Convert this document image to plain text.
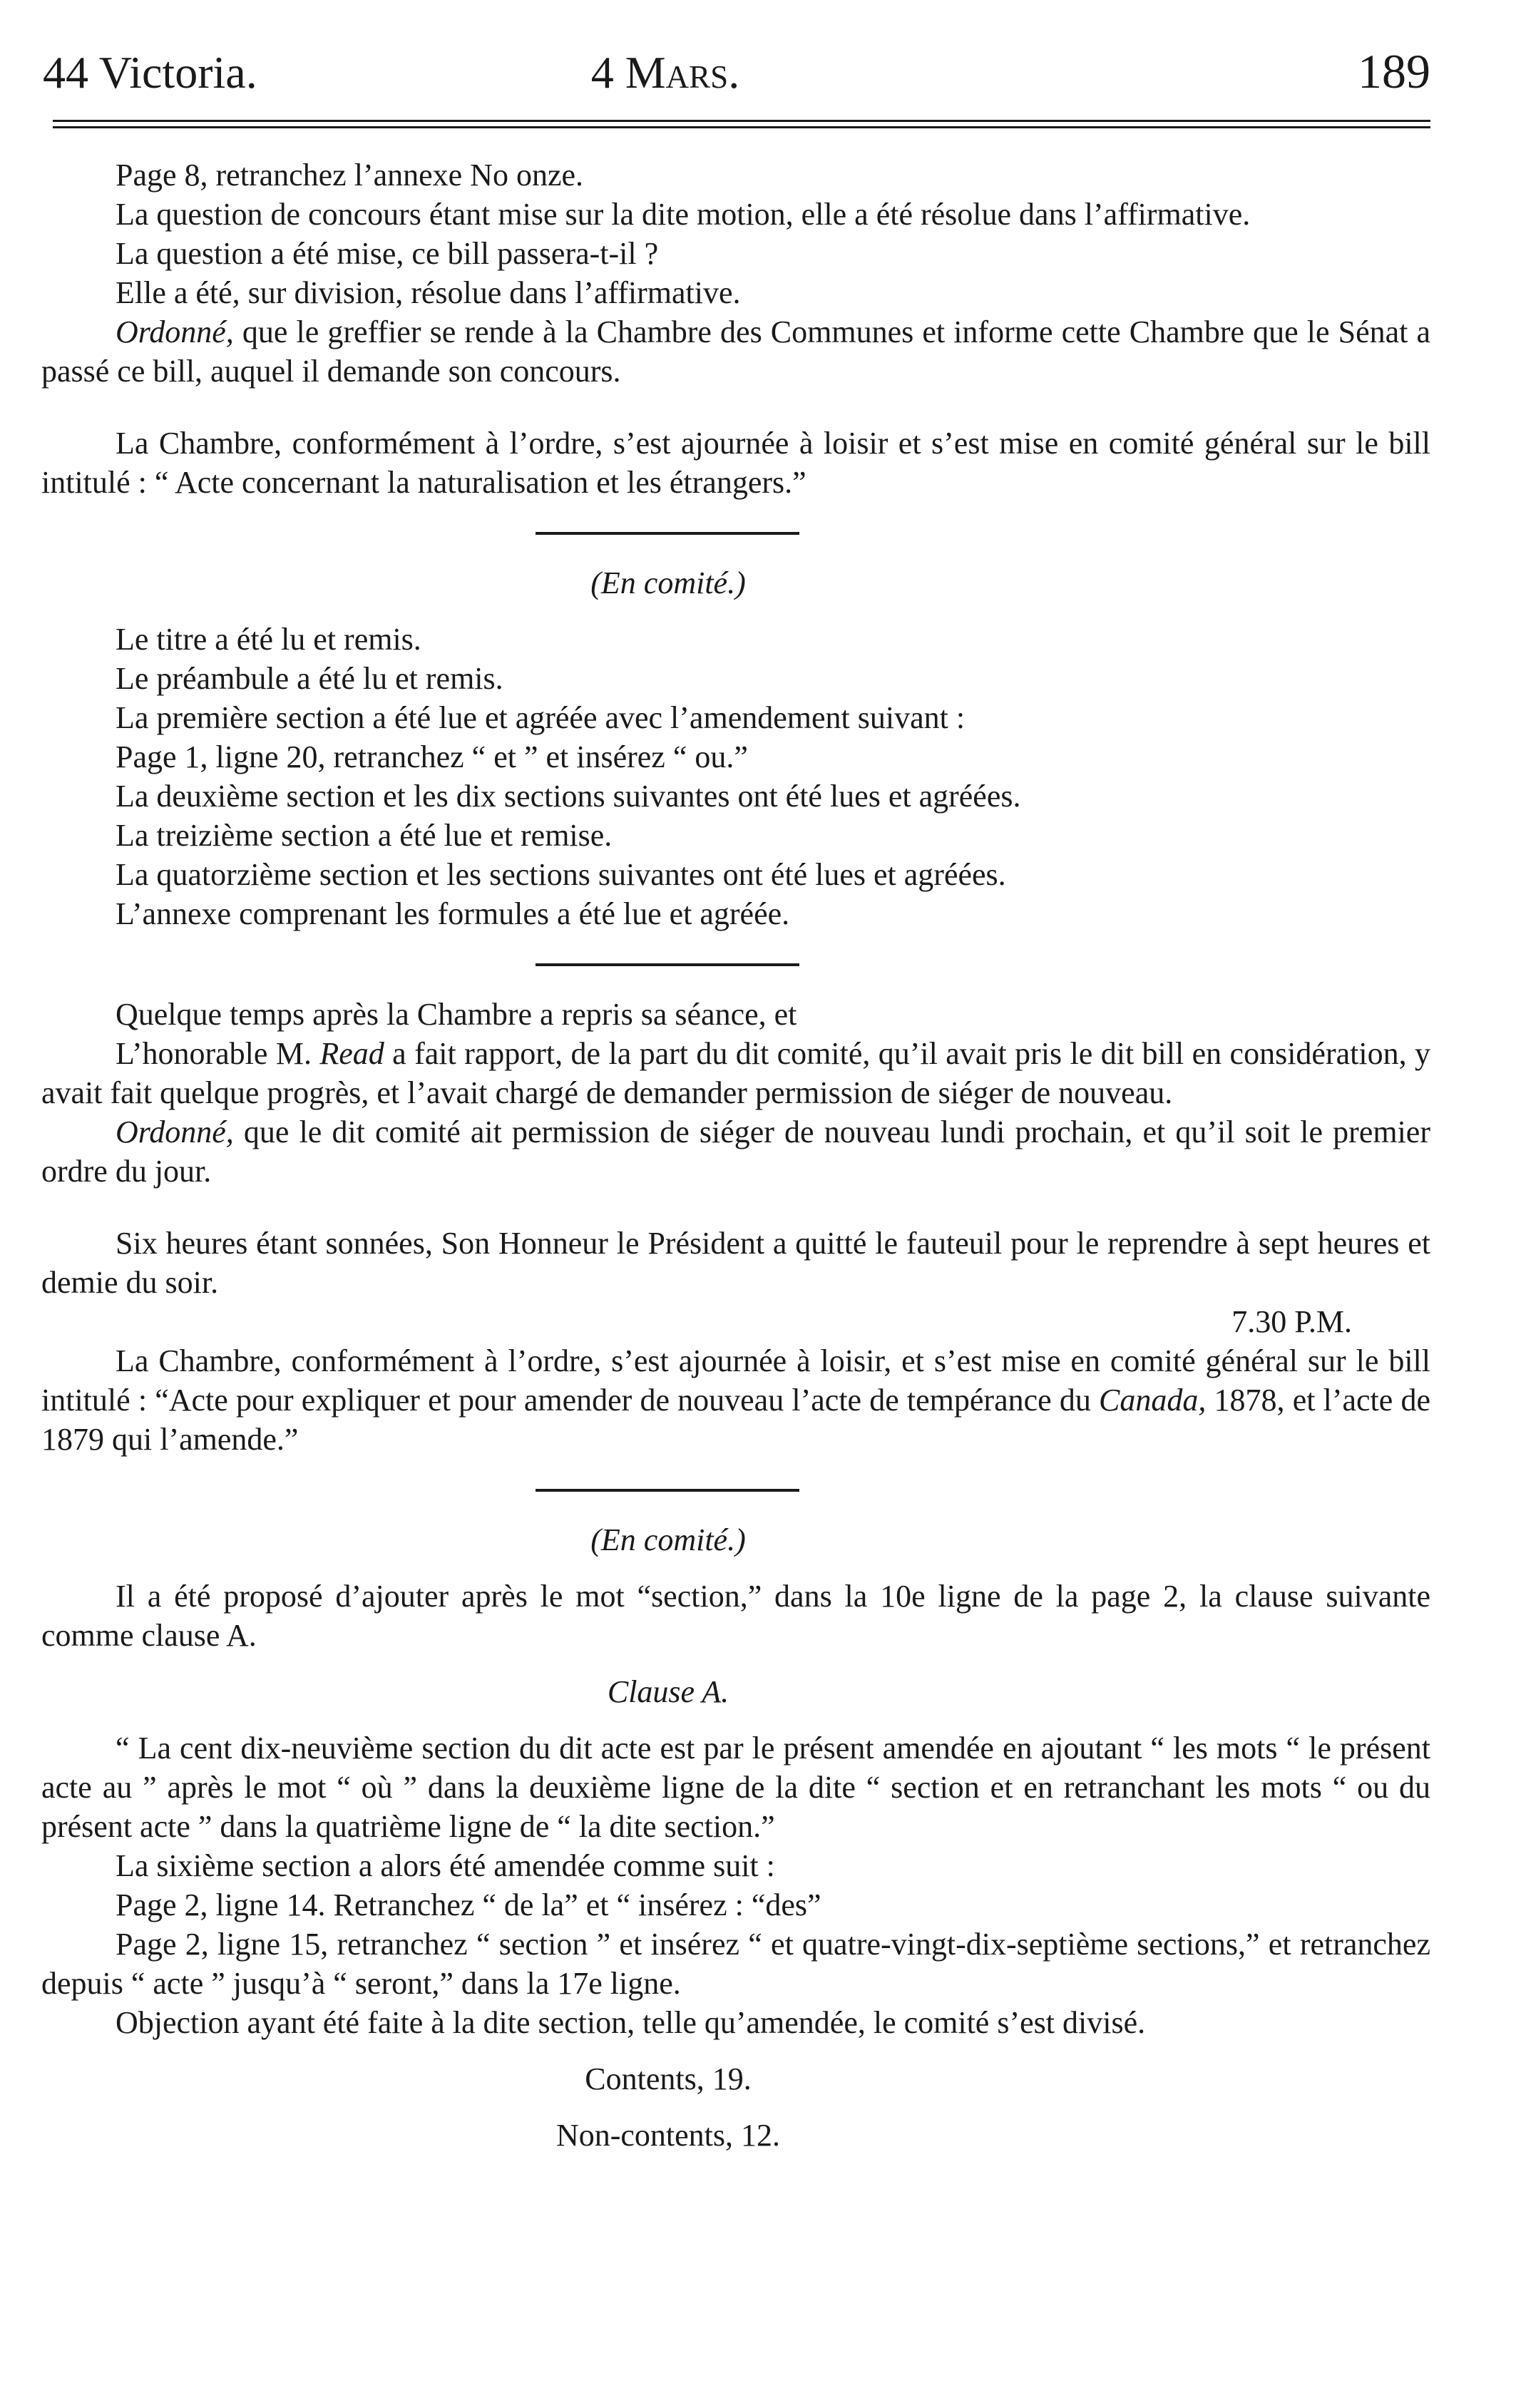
44 Victoria.	4 Mars.	189

Page 8, retranchez l’annexe No onze.

La question de concours étant mise sur la dite motion, elle a été résolue dans l’affirmative.

La question a été mise, ce bill passera-t-il ?

Elle a été, sur division, résolue dans l’affirmative.

Ordonné, que le greffier se rende à la Chambre des Communes et informe cette Chambre que le Sénat a passé ce bill, auquel il demande son concours.

La Chambre, conformément à l’ordre, s’est ajournée à loisir et s’est mise en comité général sur le bill intitulé : “ Acte concernant la naturalisation et les étrangers.”

(En comité.)

Le titre a été lu et remis.

Le préambule a été lu et remis.

La première section a été lue et agréée avec l’amendement suivant :

Page 1, ligne 20, retranchez “ et ” et insérez “ ou.”

La deuxième section et les dix sections suivantes ont été lues et agréées.

La treizième section a été lue et remise.

La quatorzième section et les sections suivantes ont été lues et agréées.

L’annexe comprenant les formules a été lue et agréée.

Quelque temps après la Chambre a repris sa séance, et

L’honorable M. Read a fait rapport, de la part du dit comité, qu’il avait pris le dit bill en considération, y avait fait quelque progrès, et l’avait chargé de demander permission de siéger de nouveau.

Ordonné, que le dit comité ait permission de siéger de nouveau lundi prochain, et qu’il soit le premier ordre du jour.

Six heures étant sonnées, Son Honneur le Président a quitté le fauteuil pour le reprendre à sept heures et demie du soir.

7.30 P.M.

La Chambre, conformément à l’ordre, s’est ajournée à loisir, et s’est mise en comité général sur le bill intitulé : “Acte pour expliquer et pour amender de nouveau l’acte de tempérance du Canada, 1878, et l’acte de 1879 qui l’amende.”

(En comité.)

Il a été proposé d’ajouter après le mot “section,” dans la 10e ligne de la page 2, la clause suivante comme clause A.

Clause A.

“ La cent dix-neuvième section du dit acte est par le présent amendée en ajoutant “ les mots “ le présent acte au ” après le mot “ où ” dans la deuxième ligne de la dite “ section et en retranchant les mots “ ou du présent acte ” dans la quatrième ligne de “ la dite section.”

La sixième section a alors été amendée comme suit :

Page 2, ligne 14. Retranchez “ de la” et “ insérez : “des”

Page 2, ligne 15, retranchez “ section ” et insérez “ et quatre-vingt-dix-septième sections,” et retranchez depuis “ acte ” jusqu’à “ seront,” dans la 17e ligne.

Objection ayant été faite à la dite section, telle qu’amendée, le comité s’est divisé.

Contents, 19.

Non-contents, 12.
